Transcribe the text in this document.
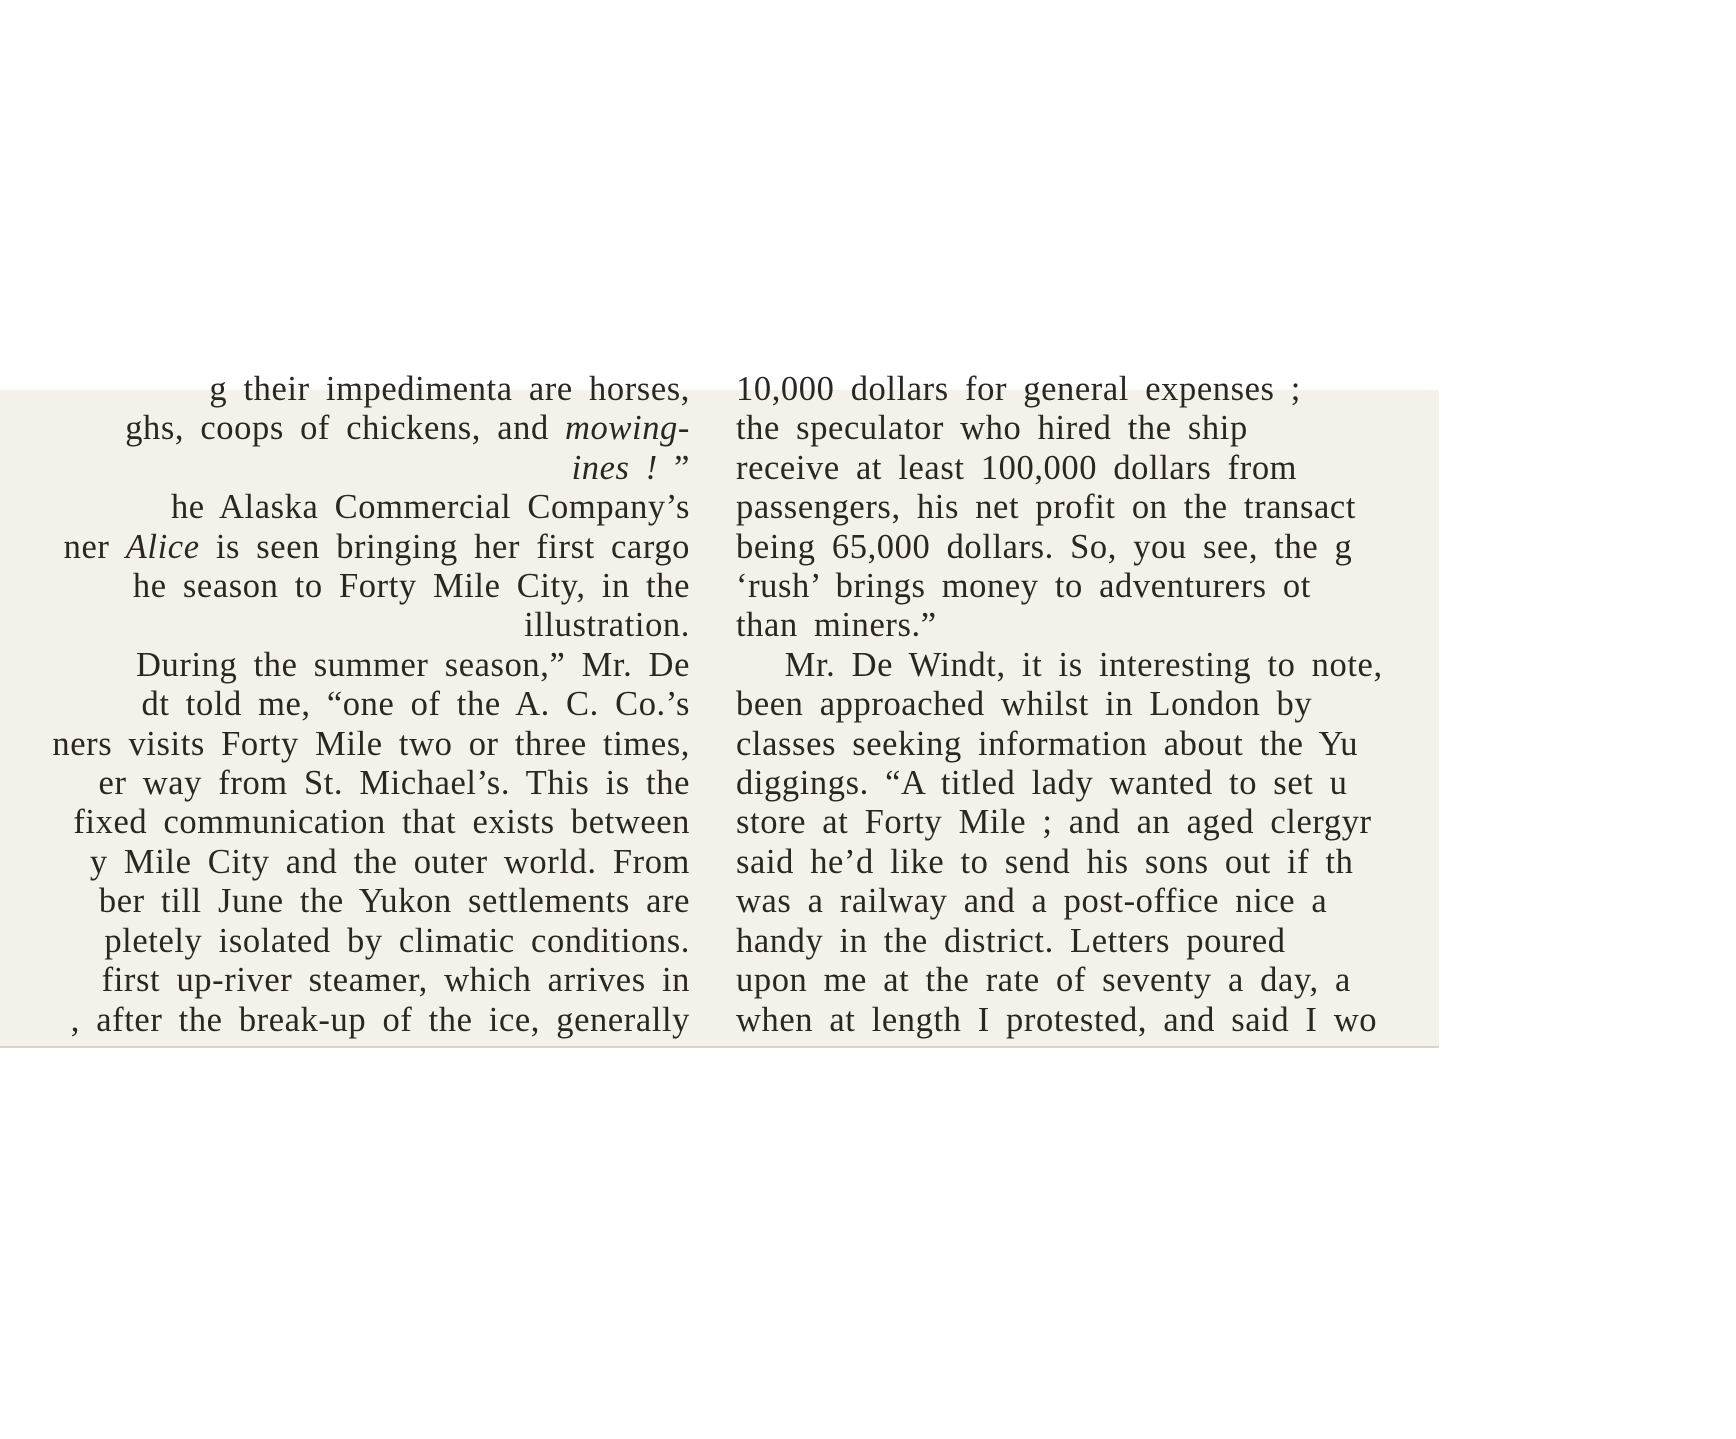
g their impedimenta are horses,
ghs, coops of chickens, and mowing-
ines ! ”
he Alaska Commercial Company’s
ner Alice is seen bringing her first cargo
he season to Forty Mile City, in the
illustration.
During the summer season,” Mr. De
dt told me, “one of the A. C. Co.’s
ners visits Forty Mile two or three times,
er way from St. Michael’s. This is the
fixed communication that exists between
y Mile City and the outer world. From
ber till June the Yukon settlements are
pletely isolated by climatic conditions.
first up-river steamer, which arrives in
, after the break-up of the ice, generally
10,000 dollars for general expenses ;
the speculator who hired the ship
receive at least 100,000 dollars from
passengers, his net profit on the transact
being 65,000 dollars. So, you see, the g
‘rush’ brings money to adventurers ot
than miners.”
Mr. De Windt, it is interesting to note,
been approached whilst in London by
classes seeking information about the Yu
diggings. “A titled lady wanted to set u
store at Forty Mile ; and an aged clergyr
said he’d like to send his sons out if th
was a railway and a post-office nice a
handy in the district. Letters poured
upon me at the rate of seventy a day, a
when at length I protested, and said I wo
